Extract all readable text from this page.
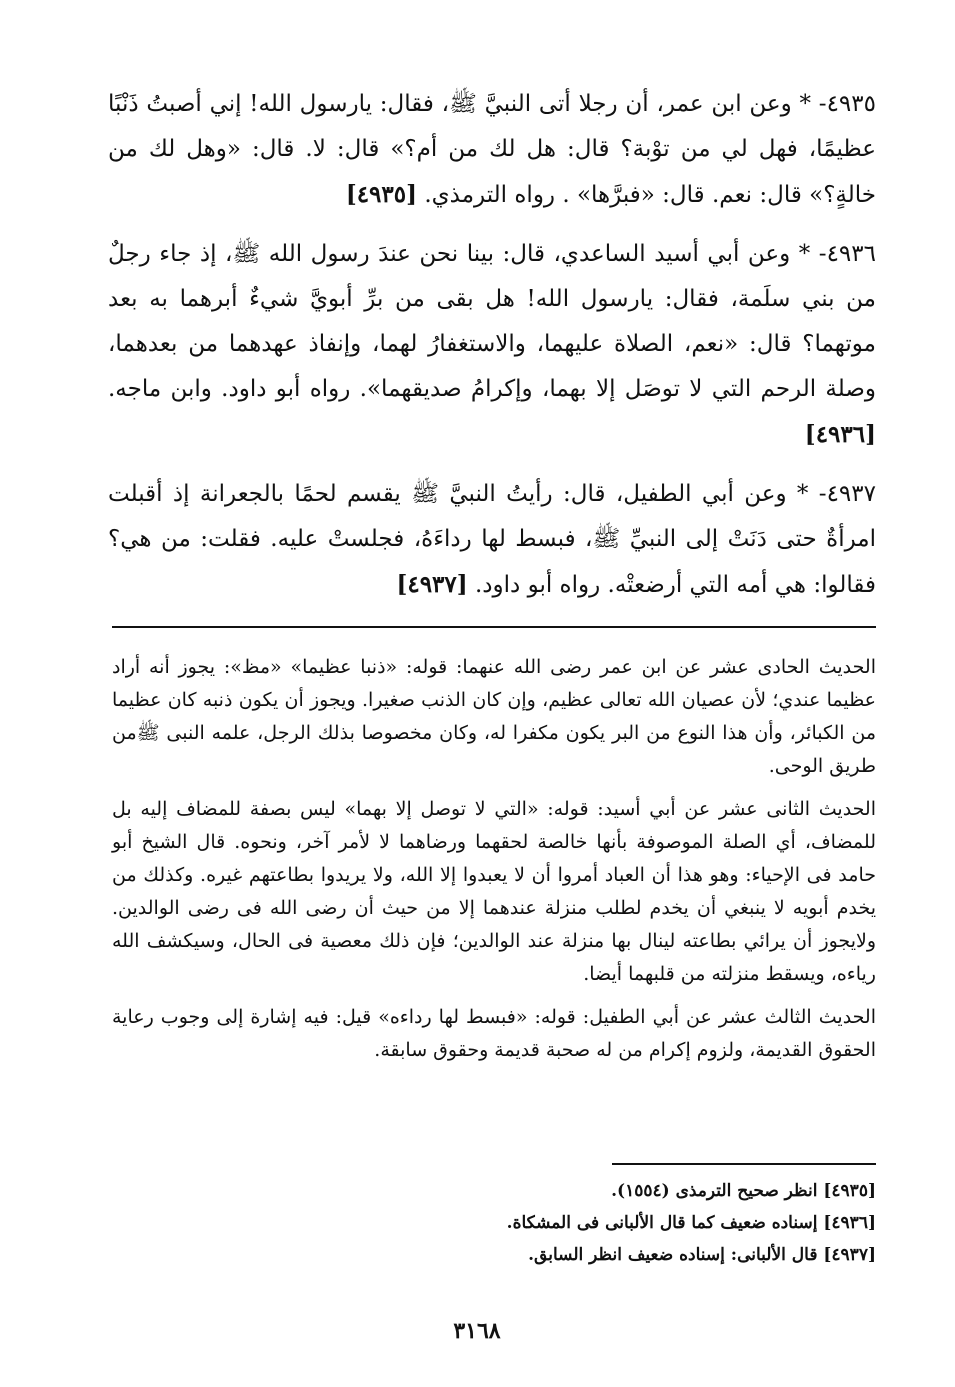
٤٩٣٥- * وعن ابن عمر، أن رجلا أتى النبيَّ ﷺ، فقال: يارسول الله! إني أصبتُ ذَنْبًا عظيمًا، فهل لي من توْبة؟ قال: هل لك من أم؟» قال: لا. قال: «وهل لك من خالةٍ؟» قال: نعم. قال: «فبرَّها» . رواه الترمذي. [٤٩٣٥]

٤٩٣٦- * وعن أبي أسيد الساعدي، قال: بينا نحن عندَ رسول الله ﷺ، إذ جاء رجلٌ من بني سلَمة، فقال: يارسول الله! هل بقى من برِّ أبويَّ شيءٌ أبرهما به بعد موتهما؟ قال: «نعم، الصلاة عليهما، والاستغفارُ لهما، وإنفاذ عهدهما من بعدهما، وصلة الرحم التي لا توصَل إلا بهما، وإكرامُ صديقهما». رواه أبو داود. وابن ماجه. [٤٩٣٦]

٤٩٣٧- * وعن أبي الطفيل، قال: رأيتُ النبيَّ ﷺ يقسم لحمًا بالجعرانة إذ أقبلت امرأةٌ حتى دَنَتْ إلى النبيِّ ﷺ، فبسط لها رداءَهُ، فجلستْ عليه. فقلت: من هي؟ فقالوا: هي أمه التي أرضعتْه. رواه أبو داود. [٤٩٣٧]

الحديث الحادى عشر عن ابن عمر رضى الله عنهما: قوله: «ذنبا عظيما» «مظ»: يجوز أنه أراد عظيما عندي؛ لأن عصيان الله تعالى عظيم، وإن كان الذنب صغيرا. ويجوز أن يكون ذنبه كان عظيما من الكبائر، وأن هذا النوع من البر يكون مكفرا له، وكان مخصوصا بذلك الرجل، علمه النبى ﷺمن طريق الوحى.

الحديث الثانى عشر عن أبي أسيد: قوله: «التي لا توصل إلا بهما» ليس بصفة للمضاف إليه بل للمضاف، أي الصلة الموصوفة بأنها خالصة لحقهما ورضاهما لا لأمر آخر، ونحوه. قال الشيخ أبو حامد فى الإحياء: وهو هذا أن العباد أمروا أن لا يعبدوا إلا الله، ولا يريدوا بطاعتهم غيره. وكذلك من يخدم أبويه لا ينبغي أن يخدم لطلب منزلة عندهما إلا من حيث أن رضى الله فى رضى الوالدين. ولايجوز أن يرائي بطاعته لينال بها منزلة عند الوالدين؛ فإن ذلك معصية فى الحال، وسيكشف الله رياءه، ويسقط منزلته من قلبهما أيضا.

الحديث الثالث عشر عن أبي الطفيل: قوله: «فبسط لها رداءه» قيل: فيه إشارة إلى وجوب رعاية الحقوق القديمة، ولزوم إكرام من له صحبة قديمة وحقوق سابقة.

[٤٩٣٥] انظر صحيح الترمذى (١٥٥٤).

[٤٩٣٦] إسناده ضعيف كما قال الألبانى فى المشكاة.

[٤٩٣٧] قال الألبانى: إسناده ضعيف انظر السابق.

٣١٦٨
